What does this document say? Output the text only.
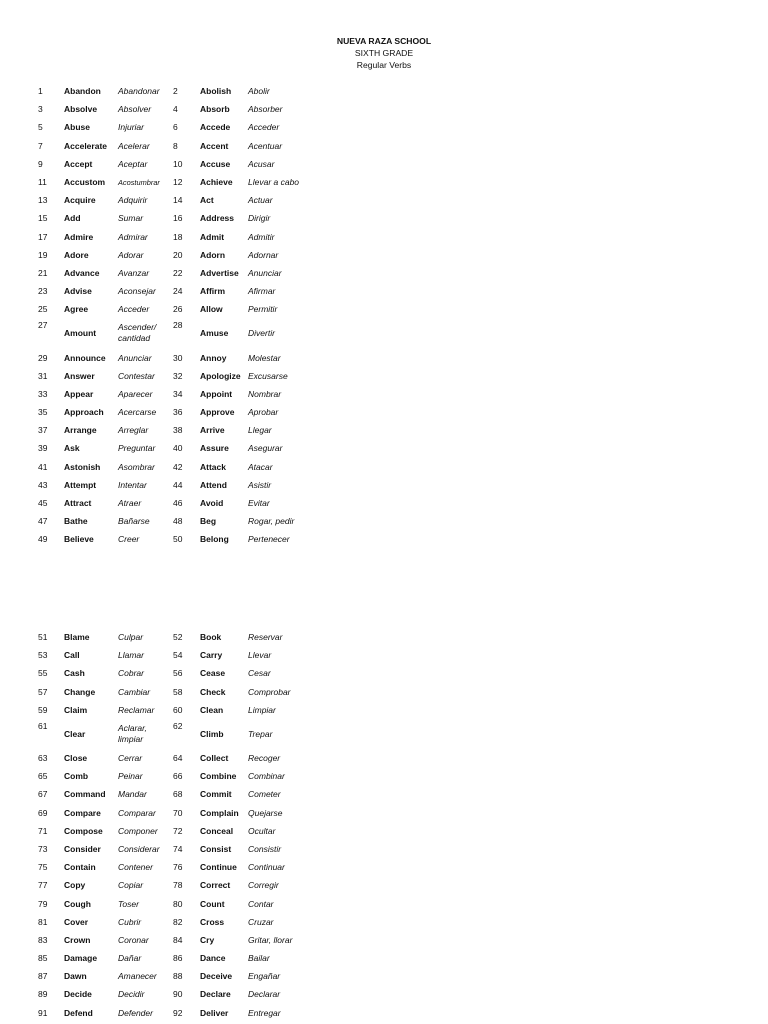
NUEVA RAZA SCHOOL
SIXTH GRADE
Regular Verbs
1	Abandon	Abandonar	2	Abolish	Abolir
3	Absolve	Absolver	4	Absorb	Absorber
5	Abuse	Injuriar	6	Accede	Acceder
7	Accelerate	Acelerar	8	Accent	Acentuar
9	Accept	Aceptar	10	Accuse	Acusar
11	Accustom	Acostumbrar	12	Achieve	Llevar a cabo
13	Acquire	Adquirir	14	Act	Actuar
15	Add	Sumar	16	Address	Dirigir
17	Admire	Admirar	18	Admit	Admitir
19	Adore	Adorar	20	Adorn	Adornar
21	Advance	Avanzar	22	Advertise	Anunciar
23	Advise	Aconsejar	24	Affirm	Afirmar
25	Agree	Acceder	26	Allow	Permitir
27	Amount	Ascender/ cantidad	28	Amuse	Divertir
29	Announce	Anunciar	30	Annoy	Molestar
31	Answer	Contestar	32	Apologize	Excusarse
33	Appear	Aparecer	34	Appoint	Nombrar
35	Approach	Acercarse	36	Approve	Aprobar
37	Arrange	Arreglar	38	Arrive	Llegar
39	Ask	Preguntar	40	Assure	Asegurar
41	Astonish	Asombrar	42	Attack	Atacar
43	Attempt	Intentar	44	Attend	Asistir
45	Attract	Atraer	46	Avoid	Evitar
47	Bathe	Bañarse	48	Beg	Rogar, pedir
49	Believe	Creer	50	Belong	Pertenecer
51	Blame	Culpar	52	Book	Reservar
53	Call	Llamar	54	Carry	Llevar
55	Cash	Cobrar	56	Cease	Cesar
57	Change	Cambiar	58	Check	Comprobar
59	Claim	Reclamar	60	Clean	Limpiar
61	Clear	Aclarar, limpiar	62	Climb	Trepar
63	Close	Cerrar	64	Collect	Recoger
65	Comb	Peinar	66	Combine	Combinar
67	Command	Mandar	68	Commit	Cometer
69	Compare	Comparar	70	Complain	Quejarse
71	Compose	Componer	72	Conceal	Ocultar
73	Consider	Considerar	74	Consist	Consistir
75	Contain	Contener	76	Continue	Continuar
77	Copy	Copiar	78	Correct	Corregir
79	Cough	Toser	80	Count	Contar
81	Cover	Cubrir	82	Cross	Cruzar
83	Crown	Coronar	84	Cry	Gritar, llorar
85	Damage	Dañar	86	Dance	Bailar
87	Dawn	Amanecer	88	Deceive	Engañar
89	Decide	Decidir	90	Declare	Declarar
91	Defend	Defender	92	Deliver	Entregar
